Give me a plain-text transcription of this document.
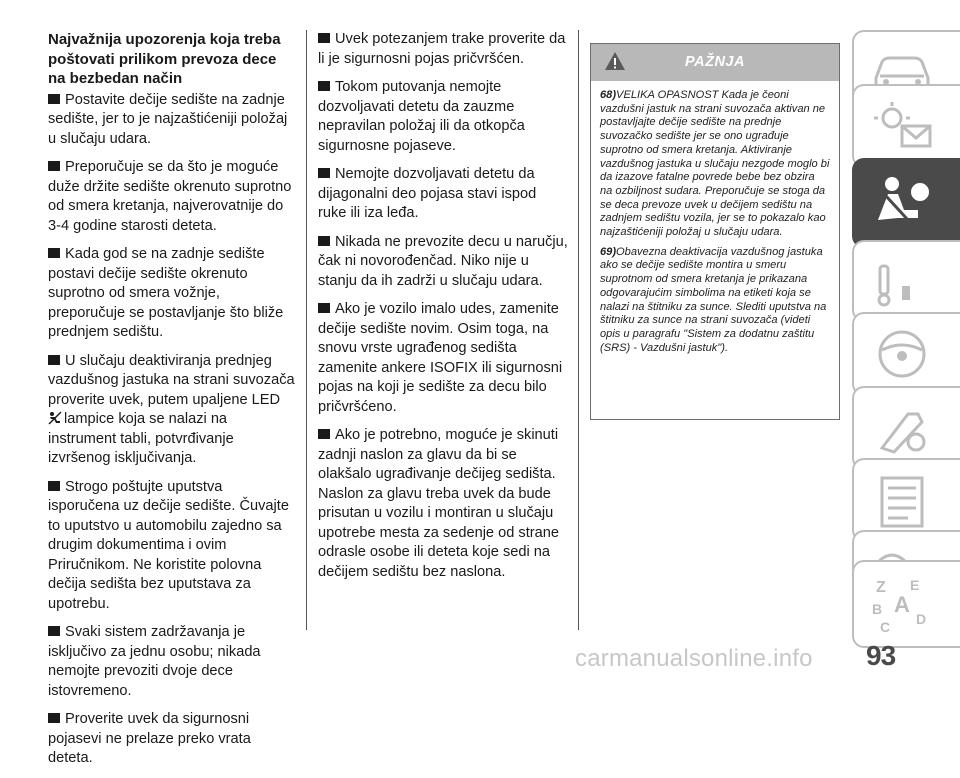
Najvažnija upozorenja koja treba poštovati prilikom prevoza dece na bezbedan način
Postavite dečije sedište na zadnje sedište, jer to je najzaštićeniji položaj u slučaju udara.
Preporučuje se da što je moguće duže držite sedište okrenuto suprotno od smera kretanja, najverovatnije do 3-4 godine starosti deteta.
Kada god se na zadnje sedište postavi dečije sedište okrenuto suprotno od smera vožnje, preporučuje se postavljanje što bliže prednjem sedištu.
U slučaju deaktiviranja prednjeg vazdušnog jastuka na strani suvozača proverite uvek, putem upaljene LED
lampice koja se nalazi na instrument tabli, potvrđivanje izvršenog isključivanja.
Strogo poštujte uputstva isporučena uz dečije sedište. Čuvajte to uputstvo u automobilu zajedno sa drugim dokumentima i ovim Priručnikom. Ne koristite polovna dečija sedišta bez uputstava za upotrebu.
Svaki sistem zadržavanja je isključivo za jednu osobu; nikada nemojte prevoziti dvoje dece istovremeno.
Proverite uvek da sigurnosni pojasevi ne prelaze preko vrata deteta.
Uvek potezanjem trake proverite da li je sigurnosni pojas pričvršćen.
Tokom putovanja nemojte dozvoljavati detetu da zauzme nepravilan položaj ili da otkopča sigurnosne pojaseve.
Nemojte dozvoljavati detetu da dijagonalni deo pojasa stavi ispod ruke ili iza leđa.
Nikada ne prevozite decu u naručju, čak ni novorođenčad. Niko nije u stanju da ih zadrži u slučaju udara.
Ako je vozilo imalo udes, zamenite dečije sedište novim. Osim toga, na snovu vrste ugrađenog sedišta zamenite ankere ISOFIX ili sigurnosni pojas na koji je sedište za decu bilo pričvršćeno.
Ako je potrebno, moguće je skinuti zadnji naslon za glavu da bi se olakšalo ugrađivanje dečijeg sedišta. Naslon za glavu treba uvek da bude prisutan u vozilu i montiran u slučaju upotrebe mesta za sedenje od strane odrasle osobe ili deteta koje sedi na dečijem sedištu bez naslona.
PAŽNJA

68)VELIKA OPASNOST Kada je čeoni vazdušni jastuk na strani suvozača aktivan ne postavljajte dečije sedište na prednje suvozačko sedište jer se ono ugrađuje suprotno od smera kretanja. Aktiviranje vazdušnog jastuka u slučaju nezgode moglo bi da izazove fatalne povrede bebe bez obzira na ozbiljnost sudara. Preporučuje se stoga da se deca prevoze uvek u dečijem sedištu na zadnjem sedištu vozila, jer se to pokazalo kao najzaštićeniji položaj u slučaju udara.

69)Obavezna deaktivacija vazdušnog jastuka ako se dečije sedište montira u smeru suprotnom od smera kretanja je prikazana odgovarajućim simbolima na etiketi koja se nalazi na štitniku za sunce. Slediti uputstva na štitniku za sunce na strani suvozača (videti opis u paragrafu "Sistem za dodatnu zaštitu (SRS) - Vazdušni jastuk").

Z E
A
B
C D
93
carmanualsonline.info
